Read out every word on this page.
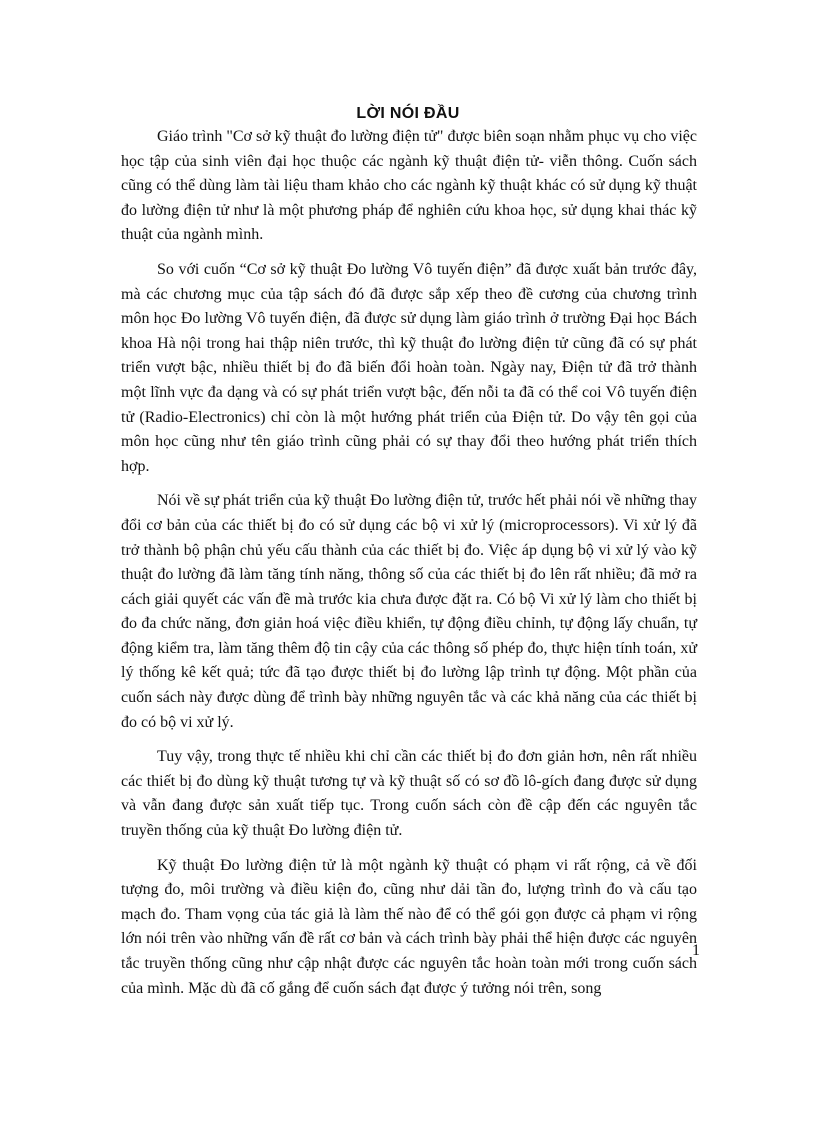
LỜI NÓI ĐẦU

Giáo trình "Cơ sở kỹ thuật đo lường điện tử" được biên soạn nhằm phục vụ cho việc học tập của sinh viên đại học thuộc các ngành kỹ thuật điện tử- viễn thông. Cuốn sách cũng có thể dùng làm tài liệu tham khảo cho các ngành kỹ thuật khác có sử dụng kỹ thuật đo lường điện tử như là một phương pháp để nghiên cứu khoa học, sử dụng khai thác kỹ thuật của ngành mình.

So với cuốn “Cơ sở kỹ thuật Đo lường Vô tuyến điện” đã được xuất bản trước đây, mà các chương mục của tập sách đó đã được sắp xếp theo đề cương của chương trình môn học Đo lường Vô tuyến điện, đã được sử dụng làm giáo trình ở trường Đại học Bách khoa Hà nội trong hai thập niên trước, thì kỹ thuật đo lường điện tử cũng đã có sự phát triển vượt bậc, nhiều thiết bị đo đã biến đổi hoàn toàn. Ngày nay, Điện tử đã trở thành một lĩnh vực đa dạng và có sự phát triển vượt bậc, đến nỗi ta đã có thể coi Vô tuyến điện tử (Radio-Electronics) chỉ còn là một hướng phát triển của Điện tử. Do vậy tên gọi của môn học cũng như tên giáo trình cũng phải có sự thay đổi theo hướng phát triển thích hợp.

Nói về sự phát triển của kỹ thuật Đo lường điện tử, trước hết phải nói về những thay đổi cơ bản của các thiết bị đo có sử dụng các bộ vi xử lý (microprocessors). Vi xử lý đã trở thành bộ phận chủ yếu cấu thành của các thiết bị đo. Việc áp dụng bộ vi xử lý vào kỹ thuật đo lường đã làm tăng tính năng, thông số của các thiết bị đo lên rất nhiều; đã mở ra cách giải quyết các vấn đề mà trước kia chưa được đặt ra. Có bộ Vi xử lý làm cho thiết bị đo đa chức năng, đơn giản hoá việc điều khiển, tự động điều chỉnh, tự động lấy chuẩn, tự động kiểm tra, làm tăng thêm độ tin cậy của các thông số phép đo, thực hiện tính toán, xử lý thống kê kết quả; tức đã tạo được thiết bị đo lường lập trình tự động. Một phần của cuốn sách này được dùng để trình bày những nguyên tắc và các khả năng của các thiết bị đo có bộ vi xử lý.

Tuy vậy, trong thực tế nhiều khi chỉ cần các thiết bị đo đơn giản hơn, nên rất nhiều các thiết bị đo dùng kỹ thuật tương tự và kỹ thuật số có sơ đồ lô-gích đang được sử dụng và vẫn đang được sản xuất tiếp tục. Trong cuốn sách còn đề cập đến các nguyên tắc truyền thống của kỹ thuật Đo lường điện tử.

Kỹ thuật Đo lường điện tử là một ngành kỹ thuật có phạm vi rất rộng, cả về đối tượng đo, môi trường và điều kiện đo, cũng như dải tần đo, lượng trình đo và cấu tạo mạch đo. Tham vọng của tác giả là làm thế nào để có thể gói gọn được cả phạm vi rộng lớn nói trên vào những vấn đề rất cơ bản và cách trình bày phải thể hiện được các nguyên tắc truyền thống cũng như cập nhật được các nguyên tắc hoàn toàn mới trong cuốn sách của mình. Mặc dù đã cố gắng để cuốn sách đạt được ý tưởng nói trên, song

1
